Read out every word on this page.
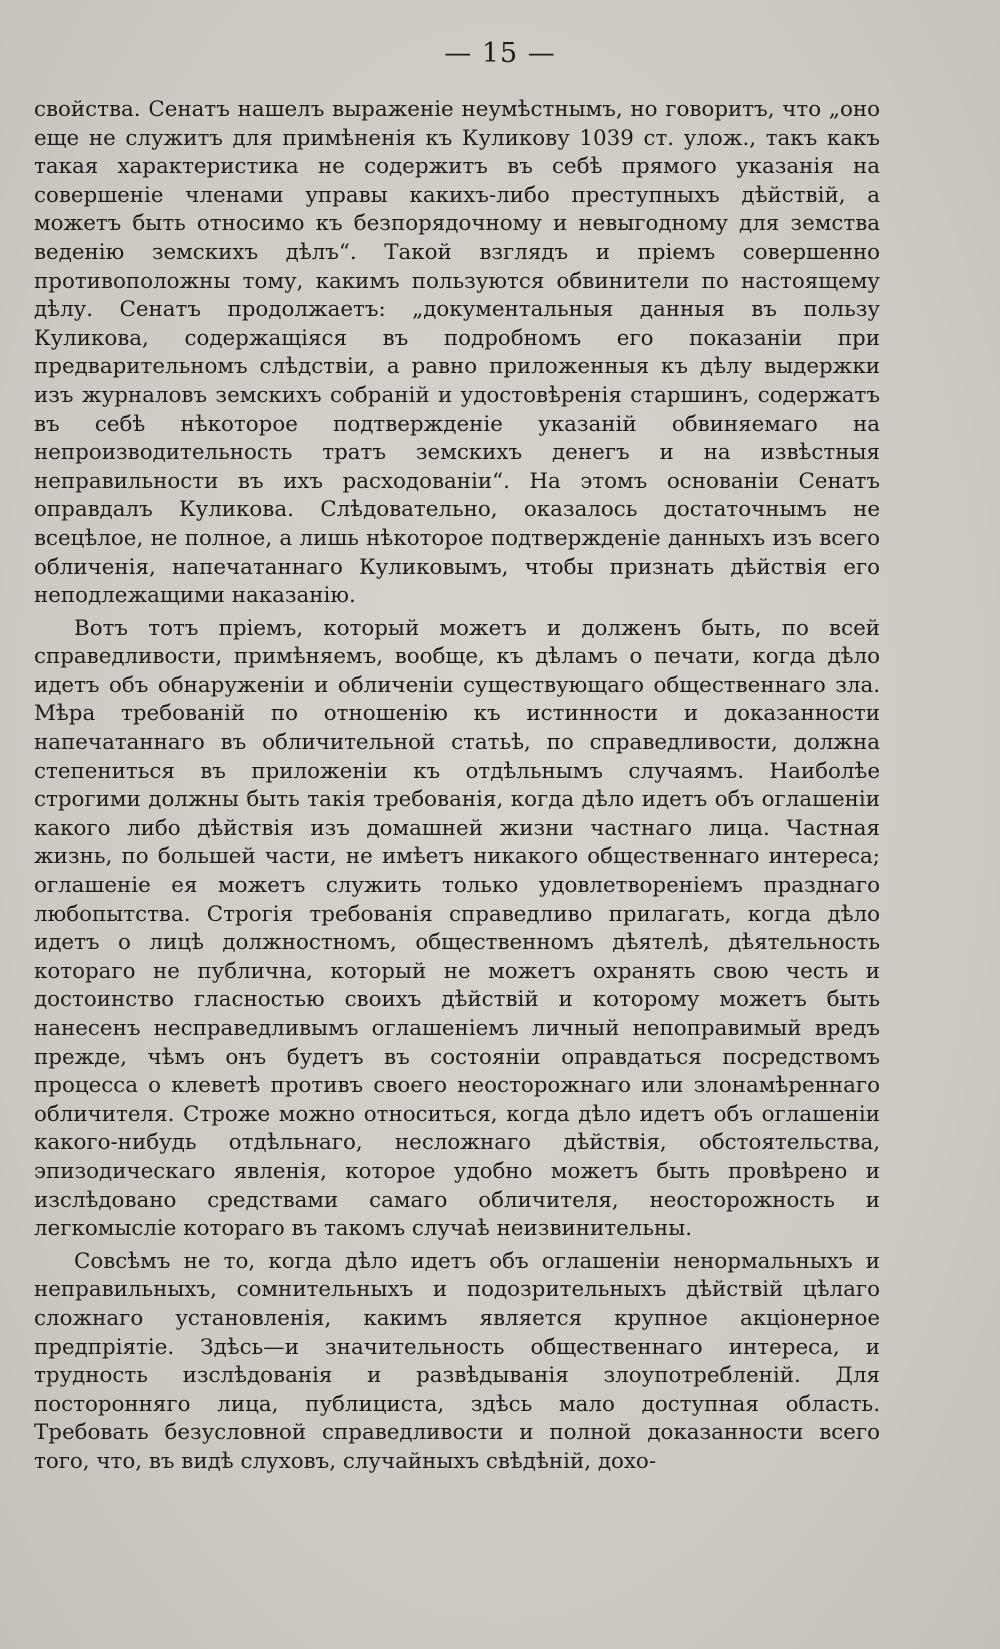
— 15 —

свойства. Сенатъ нашелъ выраженіе неумѣстнымъ, но говоритъ, что „оно еще не служитъ для примѣненія къ Куликову 1039 ст. улож., такъ какъ такая характеристика не содержитъ въ себѣ прямого указанія на совершеніе членами управы какихъ-либо преступныхъ дѣйствій, а можетъ быть относимо къ безпорядочному и невыгодному для земства веденію земскихъ дѣлъ“. Такой взглядъ и пріемъ совершенно противоположны тому, какимъ пользуются обвинители по настоящему дѣлу. Сенатъ продолжаетъ: „документальныя данныя въ пользу Куликова, содержащіяся въ подробномъ его показаніи при предварительномъ слѣдствіи, а равно приложенныя къ дѣлу выдержки изъ журналовъ земскихъ собраній и удостовѣренія старшинъ, содержатъ въ себѣ нѣкоторое подтвержденіе указаній обвиняемаго на непроизводительность тратъ земскихъ денегъ и на извѣстныя неправильности въ ихъ расходованіи“. На этомъ основаніи Сенатъ оправдалъ Куликова. Слѣдовательно, оказалось достаточнымъ не всецѣлое, не полное, а лишь нѣкоторое подтвержденіе данныхъ изъ всего обличенія, напечатаннаго Куликовымъ, чтобы признать дѣйствія его неподлежащими наказанію.

Вотъ тотъ пріемъ, который можетъ и долженъ быть, по всей справедливости, примѣняемъ, вообще, къ дѣламъ о печати, когда дѣло идетъ объ обнаруженіи и обличеніи существующаго общественнаго зла. Мѣра требованій по отношенію къ истинности и доказанности напечатаннаго въ обличительной статьѣ, по справедливости, должна степениться въ приложеніи къ отдѣльнымъ случаямъ. Наиболѣе строгими должны быть такія требованія, когда дѣло идетъ объ оглашеніи какого либо дѣйствія изъ домашней жизни частнаго лица. Частная жизнь, по большей части, не имѣетъ никакого общественнаго интереса; оглашеніе ея можетъ служить только удовлетвореніемъ празднаго любопытства. Строгія требованія справедливо прилагать, когда дѣло идетъ о лицѣ должностномъ, общественномъ дѣятелѣ, дѣятельность котораго не публична, который не можетъ охранять свою честь и достоинство гласностью своихъ дѣйствій и которому можетъ быть нанесенъ несправедливымъ оглашеніемъ личный непоправимый вредъ прежде, чѣмъ онъ будетъ въ состояніи оправдаться посредствомъ процесса о клеветѣ противъ своего неосторожнаго или злонамѣреннаго обличителя. Строже можно относиться, когда дѣло идетъ объ оглашеніи какого-нибудь отдѣльнаго, несложнаго дѣйствія, обстоятельства, эпизодическаго явленія, которое удобно можетъ быть провѣрено и изслѣдовано средствами самаго обличителя, неосторожность и легкомысліе котораго въ такомъ случаѣ неизвинительны.

Совсѣмъ не то, когда дѣло идетъ объ оглашеніи ненормальныхъ и неправильныхъ, сомнительныхъ и подозрительныхъ дѣйствій цѣлаго сложнаго установленія, какимъ является крупное акціонерное предпріятіе. Здѣсь—и значительность общественнаго интереса, и трудность изслѣдованія и развѣдыванія злоупотребленій. Для посторонняго лица, публициста, здѣсь мало доступная область. Требовать безусловной справедливости и полной доказанности всего того, что, въ видѣ слуховъ, случайныхъ свѣдѣній, дохо-
